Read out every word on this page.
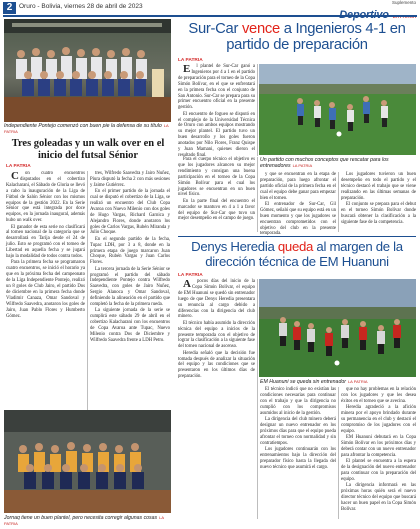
2	Oruro - Bolivia, viernes 28 de abril de 2023
Suplemento
Independiente Pontejo comenzó con buen pie la defensa de su título LA PATRIA
Tres goleadas y un walk over en el inicio del futsal Sénior
LA PATRIA

Con cuatro encuentros disputados en el cobertizo Kalacharani, el Sábado de Gloria se llevó a cabo la inauguración de la Liga de Fútbol de Salón Sénior con los mismos equipos de la gestión 2022. En la Serie Sénior que está integrada por doce equipos, en la jornada inaugural, además hubo un walk over.

El ganador de esta serie no clasificará al torneo nacional de la categoría que se desarrollará en Tarija desde el 24 de julio. Esto se programó con el torneo de Libertad en aquella fecha y se jugará bajo la modalidad de todos contra todos.

Para la primera fecha se programaron cuatro encuentros, se inició el horario ya que en la próxima fecha del campeonato de la Liga Independiente Pontejo, realizó un 8 goles de Club Jairo, el partido Dos de diciembre en la primera fecha donde Vladimir Canaza, Omar Sandoval y Wilfredo Saavedra, anotaron los goles de Jairo, Juan Pablo Flores y Humberto Gómez.

tres, Wilfredo Saavedra y Jairo Nuñez, Piura disputó la fecha 2 con más sesiones y Jaime Gutiérrez.

En el primer partido de la jornada el cual se disputó el cobertizo de la Liga, se realizó un encuentro del Club Copa Avaroa con Nuevo Milenio con dos goles de Hugo Vargas, Richard Garnica y Alejandro Flores, donde anotaron los goles de Carlos Vargas, Rubén Miranda y Julio Choque.

En el segundo partido de la fecha, Tupac LDH, por 3 a 8, donde en la primera etapa de juego marcaron Juan Choque, Rubén Vargas y Juan Carlos Flores.

La tercera jornada de la Serie Sénior se programó el partido del sábado Independiente Pontejo contra Wilfredo Saavedra, con goles de Jairo Nuñez, Sergio Alanoca y Omar Sandoval, definiendo la alineación en el partido que completó la fecha de la primera rueda.

La siguiente jornada de la serie se cumplirá este sábado 29 de abril en el cobertizo Kalacharani con los encuentros de Copa Avaroa ante Tupac, Nuevo Milenio contra Dos de Diciembre y Wilfredo Saavedra frente a LDH Petro.

Jornaq tiene un buen plantel, pero necesita corregir algunas cosas LA PATRIA
Sur-Car vence a Ingenieros 4-1 en partido de preparación
LA PATRIA

El plantel de Sur-Car ganó a Ingenieros por 4 a 1 en el partido de preparación para el torneo de la Copa Simón Bolívar, en el que se enfrentará en la primera fecha con el conjunto de San Antonio. Sur-Car se prepara para su primer encuentro oficial en la presente gestión.

El encuentro de fogueo se disputó en el complejo de la Universidad Técnica de Oruro con ambos equipos mostrando su mejor plantel. El partido tuvo un buen desarrollo y los goles fueron anotados por Nilo Flores, Franz Quispe y Juan Mamani, quienes dieron el resultado final.

Para el cuerpo técnico el objetivo es que los jugadores alcancen su mejor rendimiento y consigan una buena participación en el torneo de la Copa Simón Bolívar para el cual los jugadores se encuentran en un buen nivel físico.

En la parte final del encuentro el marcador se mantuvo en 4 a 1 a favor del equipo de Sur-Car que tuvo un mejor desempeño en el campo de juego.

Un partido con muchos conceptos que rescatar para los entrenadores LA PATRIA

y que se encuentran en la etapa de preparación, para luego afrontar el partido oficial de la primera fecha en el cual el equipo debe ganar para empezar bien el torneo.

El entrenador de Sur-Car, Gil Gómez, señaló que su equipo está en un buen momento y que los jugadores se encuentran comprometidos con el objetivo del club en la presente temporada.

Los jugadores tuvieron un buen desempeño en todo el partido y el técnico destacó el trabajo que se viene realizando en las últimas semanas de preparación.

El conjunto se prepara para el debut en el torneo Simón Bolívar donde buscará obtener la clasificación a la siguiente fase de la competencia.

Denys Heredia queda al margen de la dirección técnica de EM Huanuni
LA PATRIA

Apocos días del inicio de la Copa Simón Bolívar, el equipo de EM Huanuni se quedó sin entrenador luego de que Denys Heredia presentara su renuncia al cargo debido a diferencias con la dirigencia del club minero.

El técnico había asumido la dirección técnica del equipo a inicios de la presente temporada con el objetivo de lograr la clasificación a la siguiente fase del torneo nacional de ascenso.

Heredia señaló que la decisión fue tomada después de analizar la situación del equipo y las condiciones que se presentaron en los últimos días de preparación.

EM Huanuni se queda sin entrenador LA PATRIA

El técnico indicó que no existían las condiciones necesarias para continuar con el trabajo y que la dirigencia no cumplió con los compromisos asumidos al inicio de la gestión.

La dirigencia del club minero deberá designar un nuevo entrenador en los próximos días para que el equipo pueda afrontar el torneo con normalidad y sin contratiempos.

Los jugadores continuarán con los entrenamientos bajo la dirección del preparador físico hasta la llegada del nuevo técnico que asumirá el cargo.

que no hay problemas en la relación con los jugadores y que les desea éxitos en el torneo que se avecina.

Heredia agradeció a la afición minera por el apoyo brindado durante su permanencia en el club y destacó el compromiso de los jugadores con el equipo.

EM Huanuni debutará en la Copa Simón Bolívar en los próximos días y deberá contar con un nuevo entrenador para afrontar la competencia.

El plantel se encuentra a la espera de la designación del nuevo entrenador para continuar con la preparación del equipo.

La dirigencia informará en las próximas horas quién será el nuevo director técnico del equipo que buscará hacer un buen papel en la Copa Simón Bolívar.
